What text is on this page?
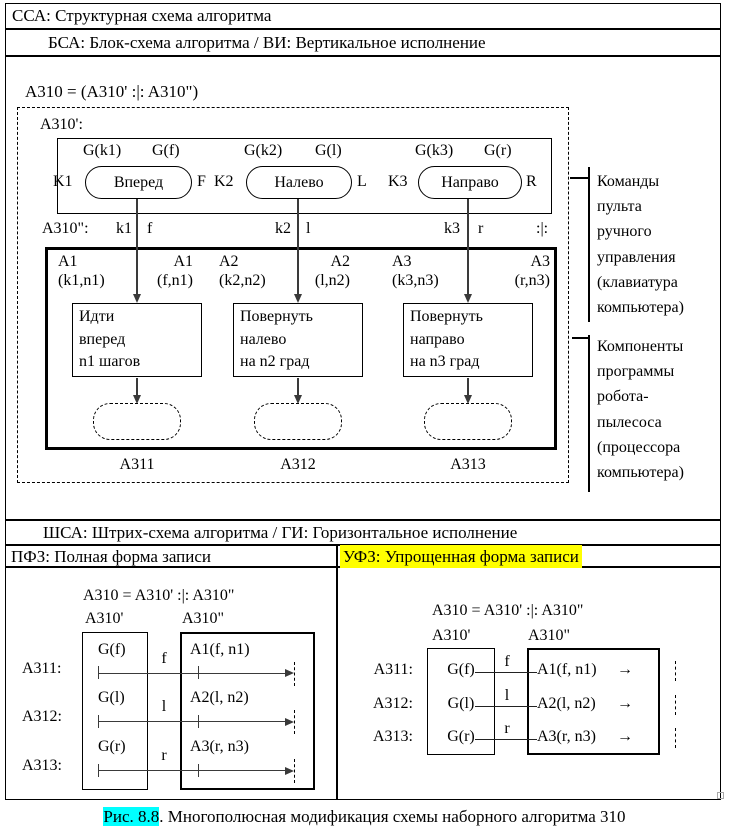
ССА: Структурная схема алгоритма
БСА: Блок-схема алгоритма / ВИ: Вертикальное исполнение
A310 = (A310' :|: A310")
A310':
G(k1) G(f)	G(k2) G(l)	G(k3) G(r)
K1	Вперед F K2	Налево L K3 Направо R
A310": k1 f	k2 l	k3 r	:|:
A1
(k1,n1)
A1
(f,n1)
A2
(k2,n2)
A2
(l,n2)
A3
(k3,n3)
A3
(r,n3)
Идти
вперед
n1 шагов
Повернуть
налево
на n2 град
Повернуть
направо
на n3 град
A311	A312	A313
Команды
пульта
ручного
управления
(клавиатура
компьютера)
Компоненты
программы
робота-
пылесоса
(процессора
компьютера)
ШСА: Штрих-схема алгоритма / ГИ: Горизонтальное исполнение
ПФЗ: Полная форма записи	УФЗ: Упрощенная форма записи
A310 = A310' :|: A310"
A310'	A310"
A311:
G(f)
f
A1(f, n1)
A312:
G(l)
l
A2(l, n2)
A313:
G(r)
r
A3(r, n3)
A310 = A310' :|: A310"
A310'	A310"
A311:	G(f)	f	A1(f, n1) →
A312:	G(l)	l	A2(l, n2) →
A313:	G(r)	r	A3(r, n3) →
Рис. 8.8. Многополюсная модификация схемы наборного алгоритма 310
